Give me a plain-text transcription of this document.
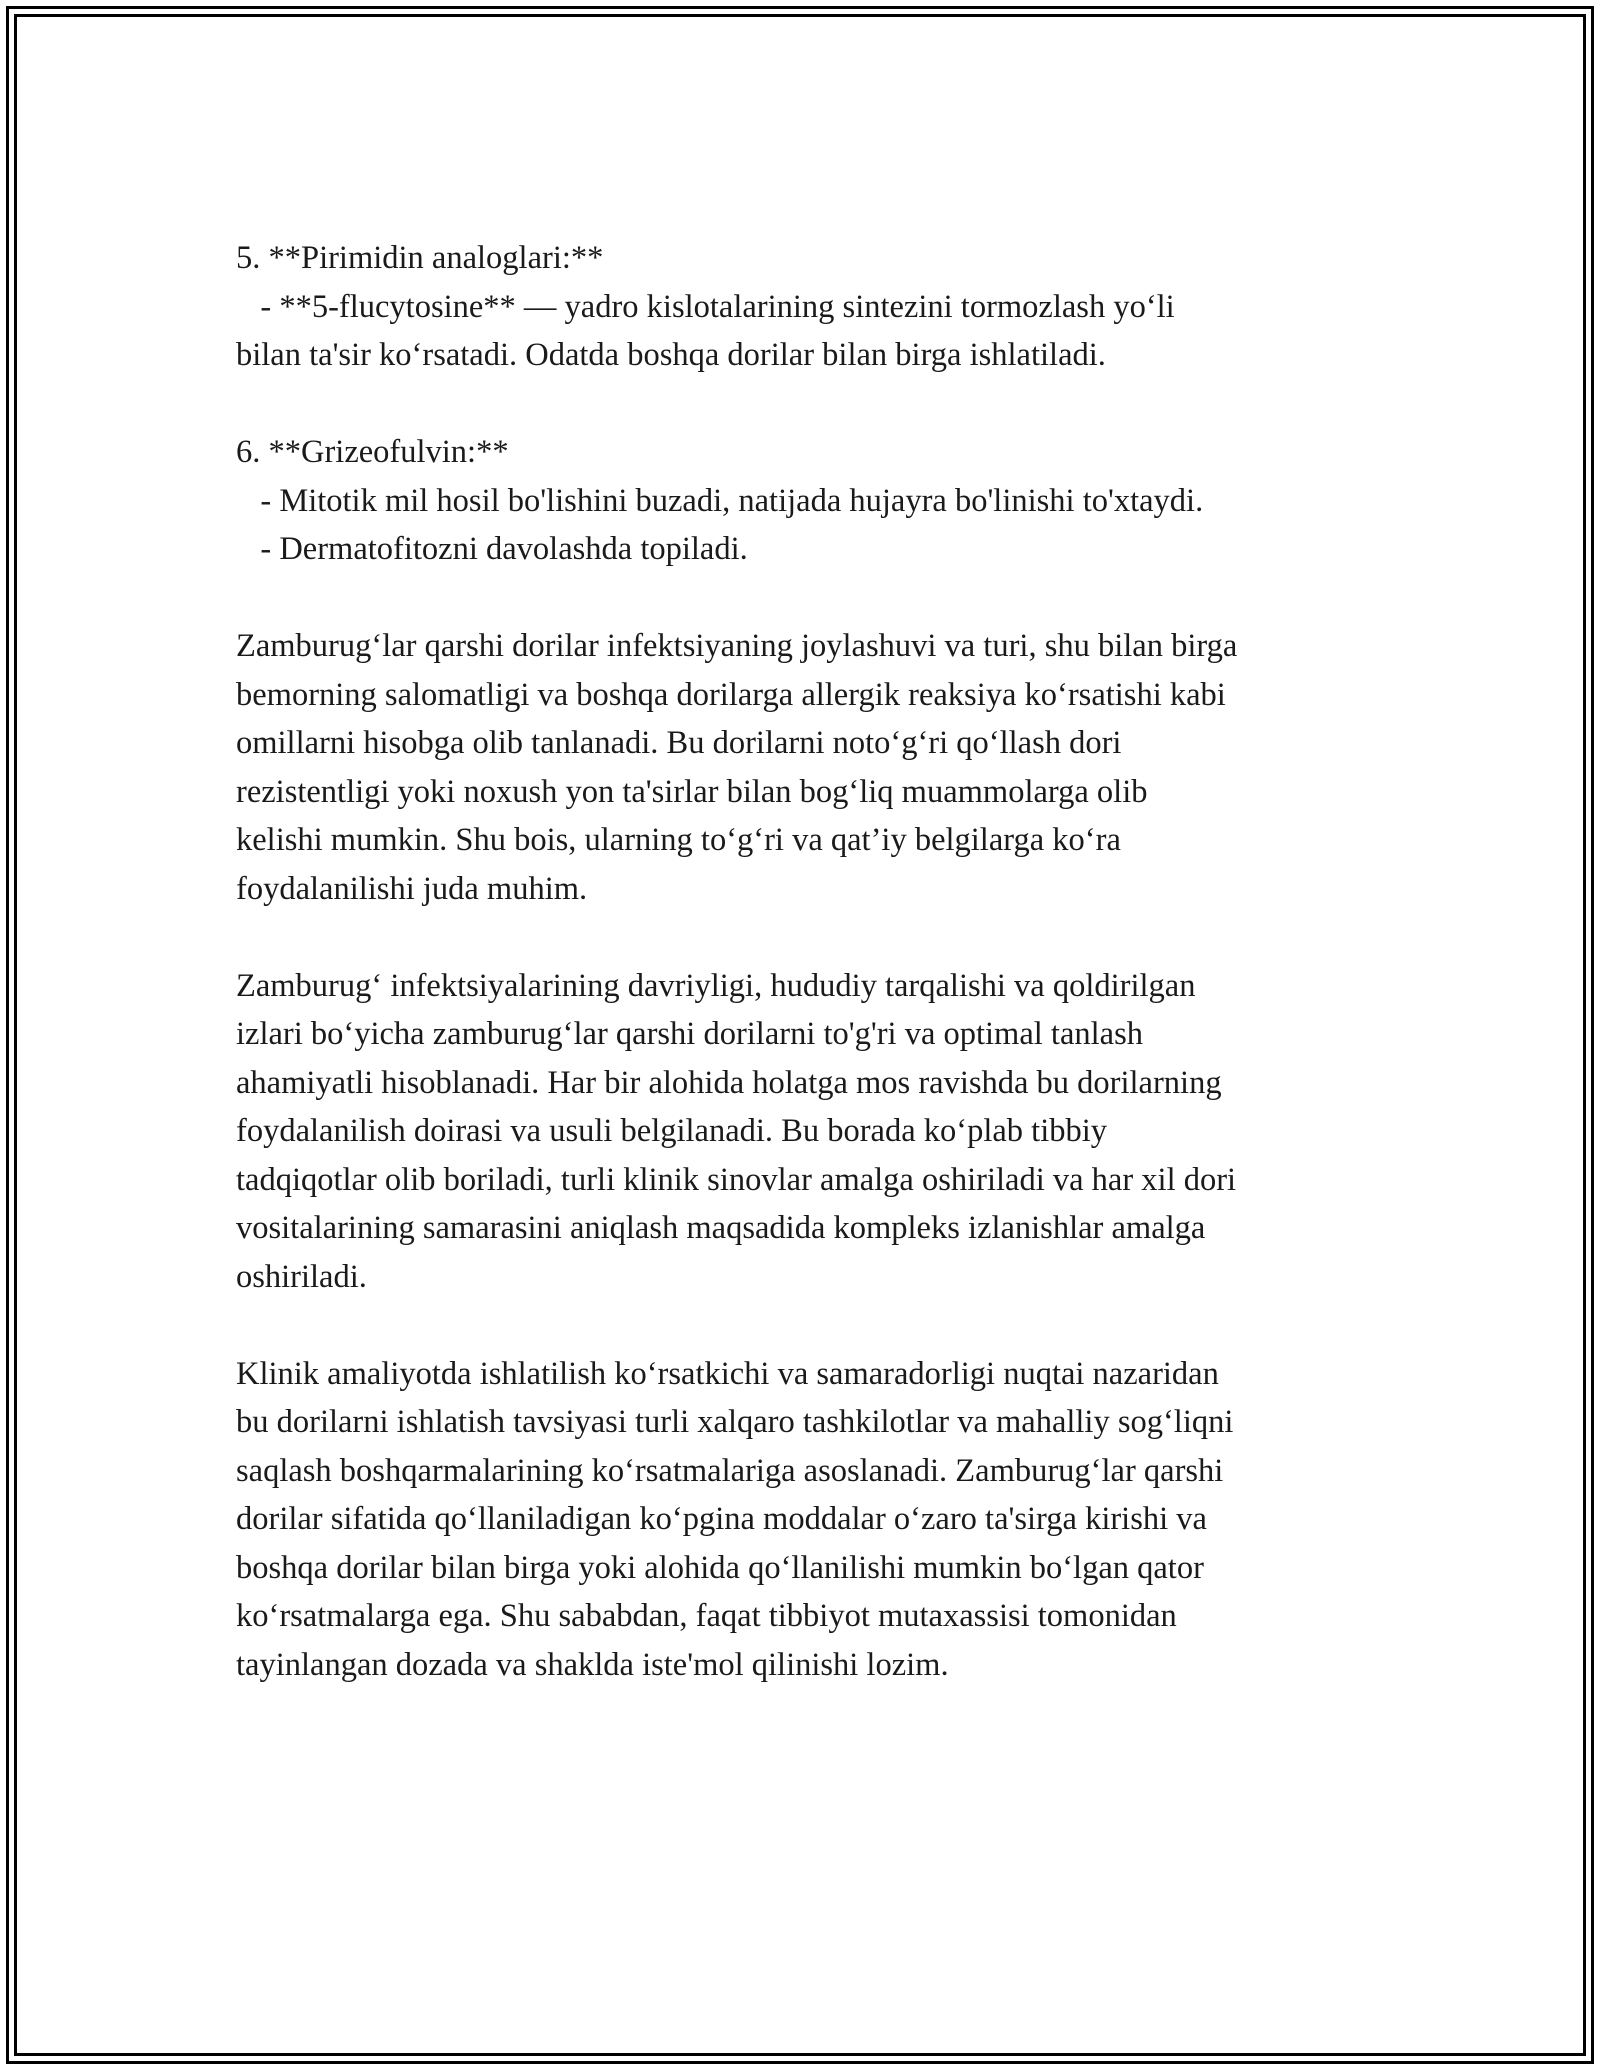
5. **Pirimidin analoglari:**
- **5-flucytosine** — yadro kislotalarining sintezini tormozlash yo‘li
bilan ta'sir ko‘rsatadi. Odatda boshqa dorilar bilan birga ishlatiladi.
6. **Grizeofulvin:**
- Mitotik mil hosil bo'lishini buzadi, natijada hujayra bo'linishi to'xtaydi.
- Dermatofitozni davolashda topiladi.
Zamburug‘lar qarshi dorilar infektsiyaning joylashuvi va turi, shu bilan birga
bemorning salomatligi va boshqa dorilarga allergik reaksiya ko‘rsatishi kabi
omillarni hisobga olib tanlanadi. Bu dorilarni noto‘g‘ri qo‘llash dori
rezistentligi yoki noxush yon ta'sirlar bilan bog‘liq muammolarga olib
kelishi mumkin. Shu bois, ularning to‘g‘ri va qat’iy belgilarga ko‘ra
foydalanilishi juda muhim.
Zamburug‘ infektsiyalarining davriyligi, hududiy tarqalishi va qoldirilgan
izlari bo‘yicha zamburug‘lar qarshi dorilarni to'g'ri va optimal tanlash
ahamiyatli hisoblanadi. Har bir alohida holatga mos ravishda bu dorilarning
foydalanilish doirasi va usuli belgilanadi. Bu borada ko‘plab tibbiy
tadqiqotlar olib boriladi, turli klinik sinovlar amalga oshiriladi va har xil dori
vositalarining samarasini aniqlash maqsadida kompleks izlanishlar amalga
oshiriladi.
Klinik amaliyotda ishlatilish ko‘rsatkichi va samaradorligi nuqtai nazaridan
bu dorilarni ishlatish tavsiyasi turli xalqaro tashkilotlar va mahalliy sog‘liqni
saqlash boshqarmalarining ko‘rsatmalariga asoslanadi. Zamburug‘lar qarshi
dorilar sifatida qo‘llaniladigan ko‘pgina moddalar o‘zaro ta'sirga kirishi va
boshqa dorilar bilan birga yoki alohida qo‘llanilishi mumkin bo‘lgan qator
ko‘rsatmalarga ega. Shu sababdan, faqat tibbiyot mutaxassisi tomonidan
tayinlangan dozada va shaklda iste'mol qilinishi lozim.
